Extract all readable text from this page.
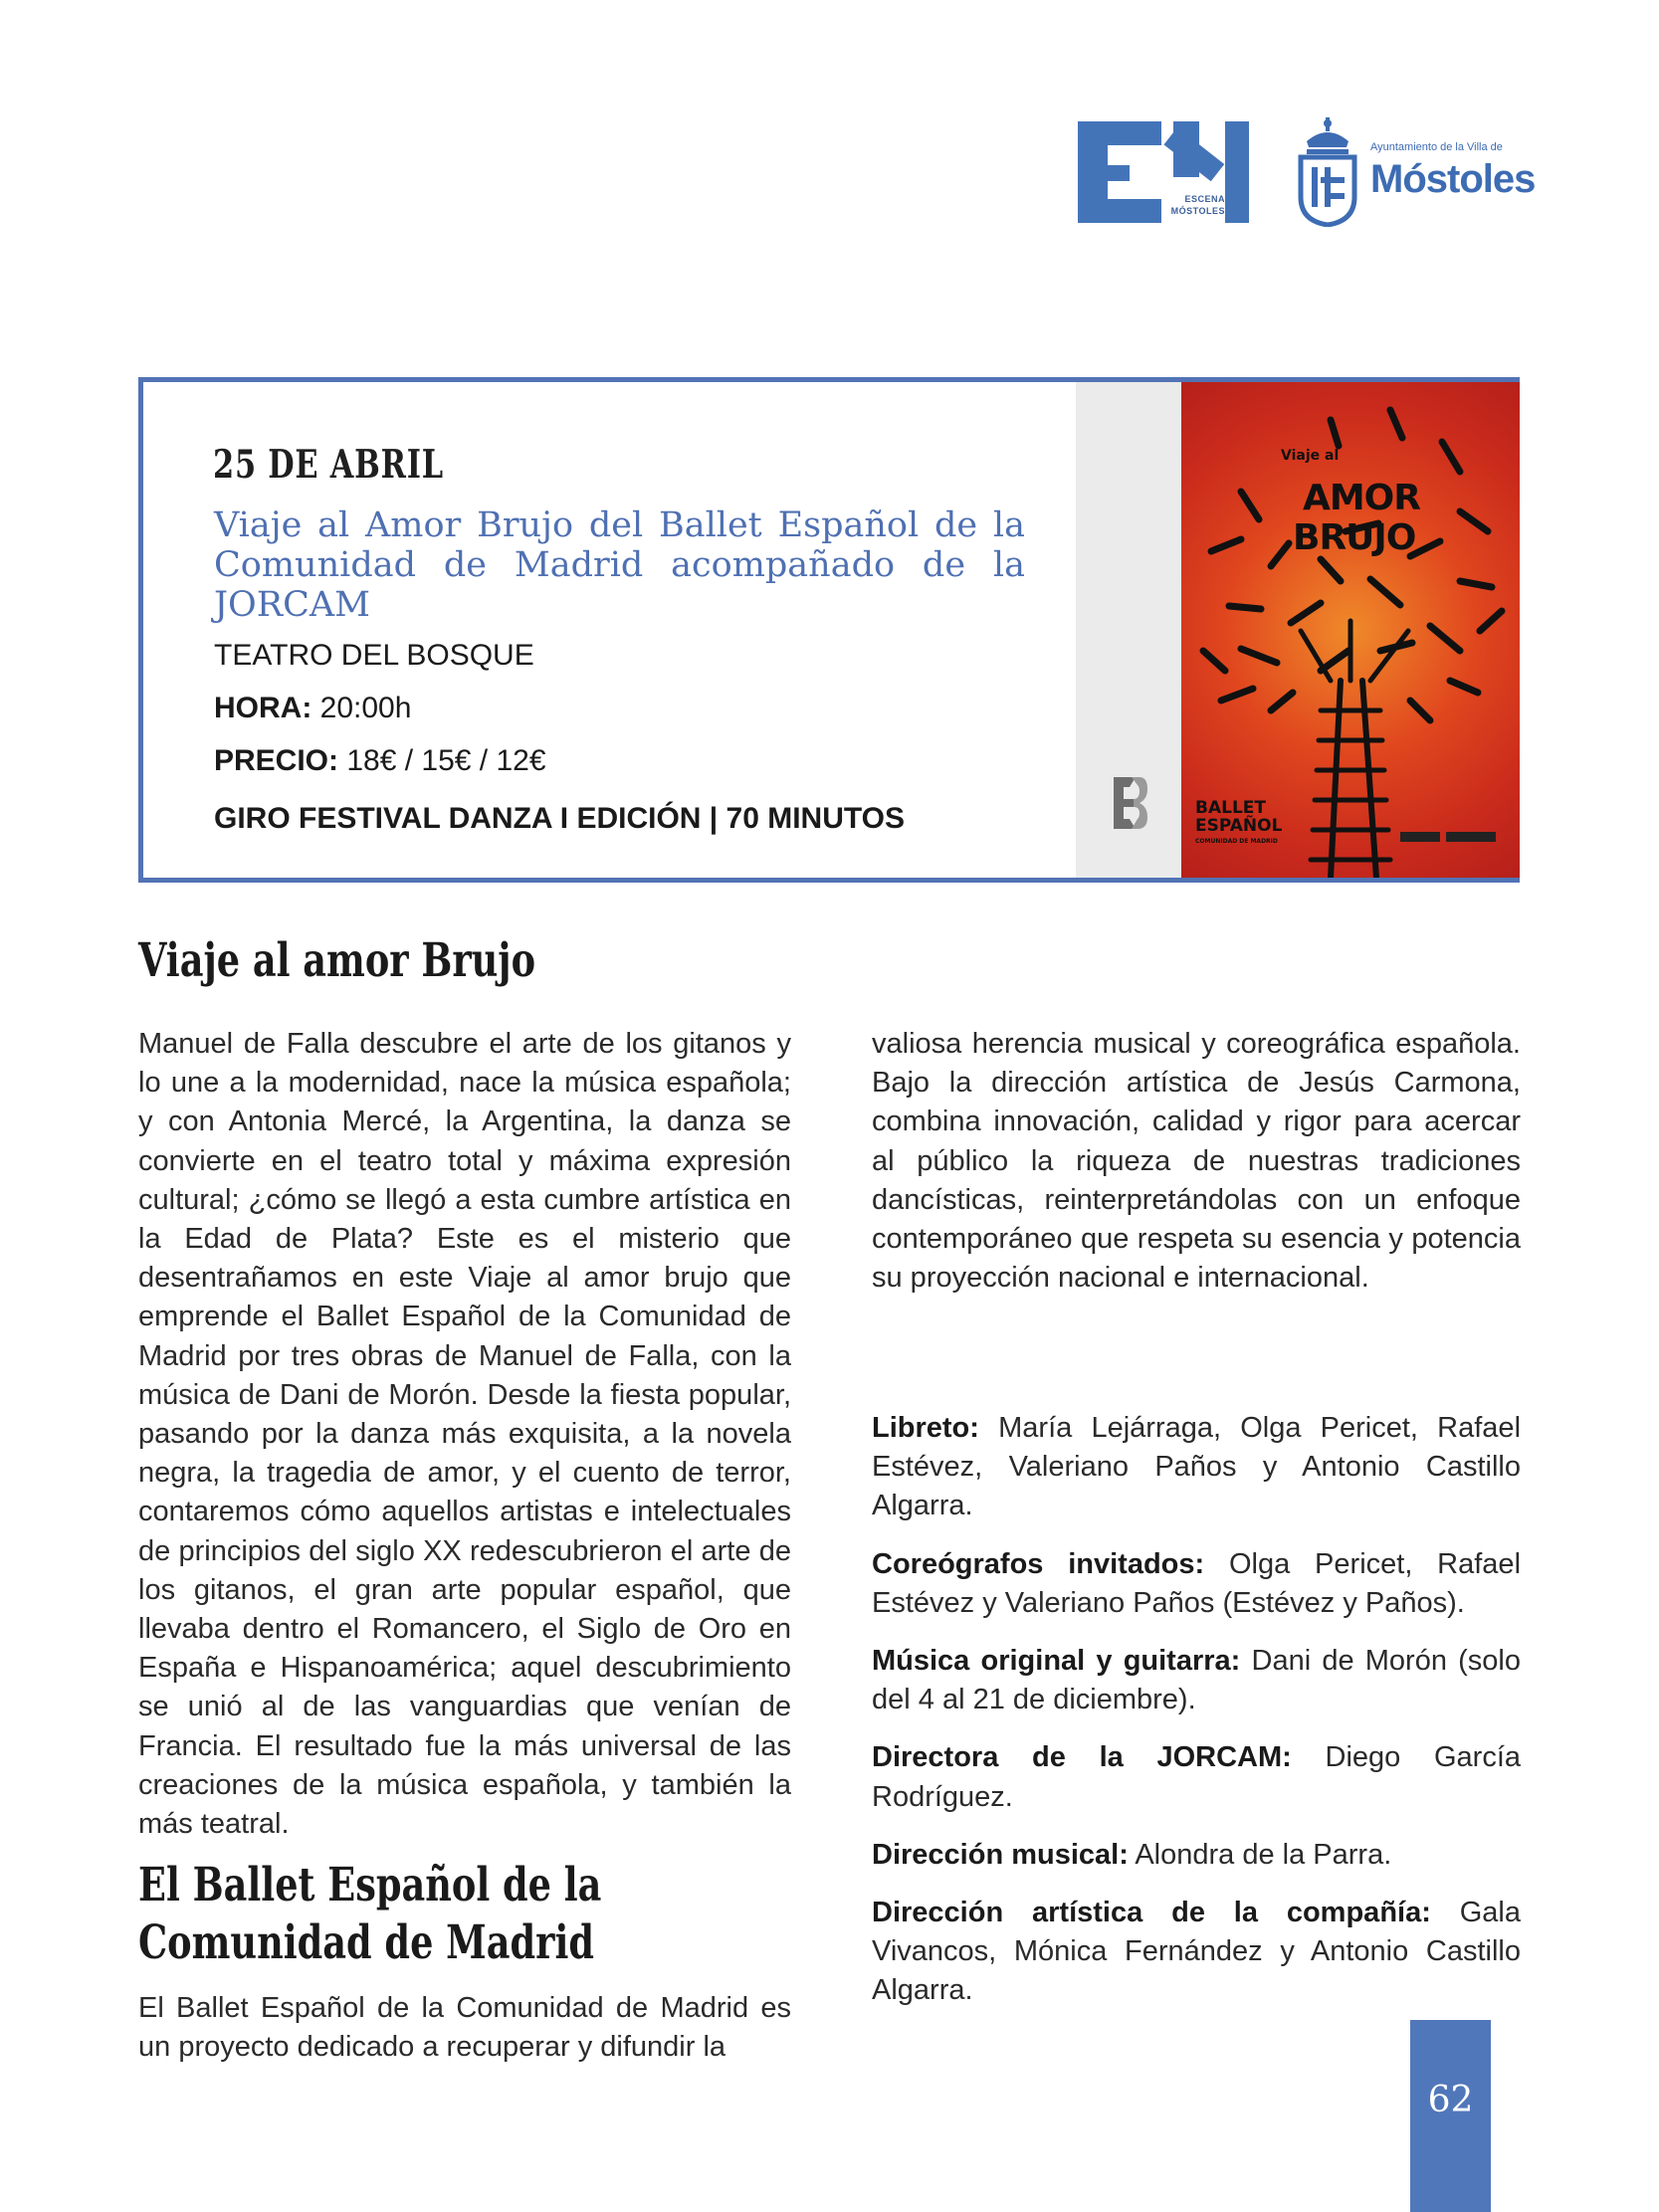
ESCENA
MÓSTOLES
Ayuntamiento de la Villa de
Móstoles
25 DE ABRIL
Viaje al Amor Brujo del Ballet Español de la Comunidad de Madrid acompañado de la JORCAM
TEATRO DEL BOSQUE
HORA: 20:00h
PRECIO: 18€ / 15€ / 12€
GIRO FESTIVAL DANZA I EDICIÓN | 70 MINUTOS
Viaje al
AMOR
BRUJO
BALLET
ESPAÑOL
COMUNIDAD DE MADRID
Viaje al amor Brujo
Manuel de Falla descubre el arte de los gitanos y lo une a la modernidad, nace la música española; y con Antonia Mercé, la Argentina, la danza se convierte en el teatro total y máxima expresión cultural; ¿cómo se llegó a esta cumbre artística en la Edad de Plata? Este es el misterio que desentrañamos en este Viaje al amor brujo que emprende el Ballet Español de la Comunidad de Madrid por tres obras de Manuel de Falla, con la música de Dani de Morón. Desde la fiesta popular, pasando por la danza más exquisita, a la novela negra, la tragedia de amor, y el cuento de terror, contaremos cómo aquellos artistas e intelectuales de principios del siglo XX redescubrieron el arte de los gitanos, el gran arte popular español, que llevaba dentro el Romancero, el Siglo de Oro en España e Hispanoamérica; aquel descubrimiento se unió al de las vanguardias que venían de Francia. El resultado fue la más universal de las creaciones de la música española, y también la más teatral.
El Ballet Español de la Comunidad de Madrid
El Ballet Español de la Comunidad de Madrid es un proyecto dedicado a recuperar y difundir la
valiosa herencia musical y coreográfica española. Bajo la dirección artística de Jesús Carmona, combina innovación, calidad y rigor para acercar al público la riqueza de nuestras tradiciones dancísticas, reinterpretándolas con un enfoque contemporáneo que respeta su esencia y potencia su proyección nacional e internacional.

Libreto: María Lejárraga, Olga Pericet, Rafael Estévez, Valeriano Paños y Antonio Castillo Algarra.

Coreógrafos invitados: Olga Pericet, Rafael Estévez y Valeriano Paños (Estévez y Paños).

Música original y guitarra: Dani de Morón (solo del 4 al 21 de diciembre).

Directora de la JORCAM: Diego García Rodríguez.

Dirección musical: Alondra de la Parra.

Dirección artística de la compañía: Gala Vivancos, Mónica Fernández y Antonio Castillo Algarra.

62
